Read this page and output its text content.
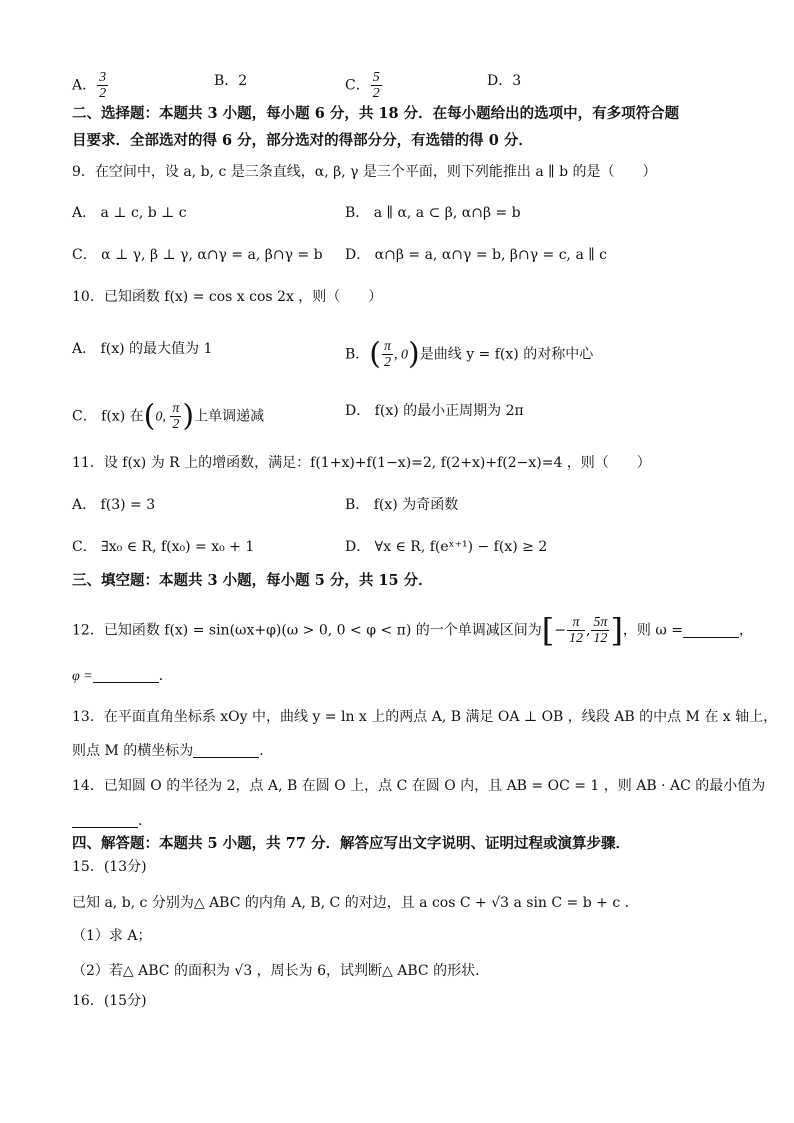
A． $\frac{3}{2}$	B．2	C． $\frac{5}{2}$	D．3
二、选择题：本题共 3 小题，每小题 6 分，共 18 分．在每小题给出的选项中，有多项符合题
目要求．全部选对的得 6 分，部分选对的得部分分，有选错的得 0 分．
9．在空间中，设 a, b, c 是三条直线，α, β, γ 是三个平面，则下列能推出 a ∥ b 的是（　　）
A． a ⊥ c, b ⊥ c	B． a ∥ α, a ⊂ β, α∩β = b
C． α ⊥ γ, β ⊥ γ, α∩γ = a, β∩γ = b D． α∩β = a, α∩γ = b, β∩γ = c, a ∥ c
10．已知函数 f(x) = cos x cos 2x ，则（　　）
A． f(x) 的最大值为 1	B．( $\frac{\pi}{2}$ , 0)是曲线 y = f(x) 的对称中心
C． f(x) 在(0, $\frac{\pi}{2}$ )上单调递减	D． f(x) 的最小正周期为 2π
11．设 f(x) 为 R 上的增函数，满足：f(1+x)+f(1−x)=2, f(2+x)+f(2−x)=4 ，则（　　）
A． f(3) = 3	B． f(x) 为奇函数
C． ∃x₀ ∈ R, f(x₀) = x₀ + 1	D． ∀x ∈ R, f(eˣ⁺¹) − f(x) ≥ 2
三、填空题：本题共 3 小题，每小题 5 分，共 15 分．
12．已知函数 f(x) = sin(ωx+φ)(ω > 0, 0 < φ < π) 的一个单调减区间为[− $\frac{\pi}{12}$ , $\frac{5\pi}{12}$ ]，则 ω =	，
φ =	．
13．在平面直角坐标系 xOy 中，曲线 y = ln x 上的两点 A, B 满足 OA ⊥ OB ，线段 AB 的中点 M 在 x 轴上，
则点 M 的横坐标为	．
14．已知圆 O 的半径为 2，点 A, B 在圆 O 上，点 C 在圆 O 内，且 AB = OC = 1 ，则 AB · AC 的最小值为
．
四、解答题：本题共 5 小题，共 77 分．解答应写出文字说明、证明过程或演算步骤．
15．(13分)
已知 a, b, c 分别为△ ABC 的内角 A, B, C 的对边，且 a cos C + √3 a sin C = b + c ．
（1）求 A；
（2）若△ ABC 的面积为 √3 ，周长为 6，试判断△ ABC 的形状．
16．(15分)
